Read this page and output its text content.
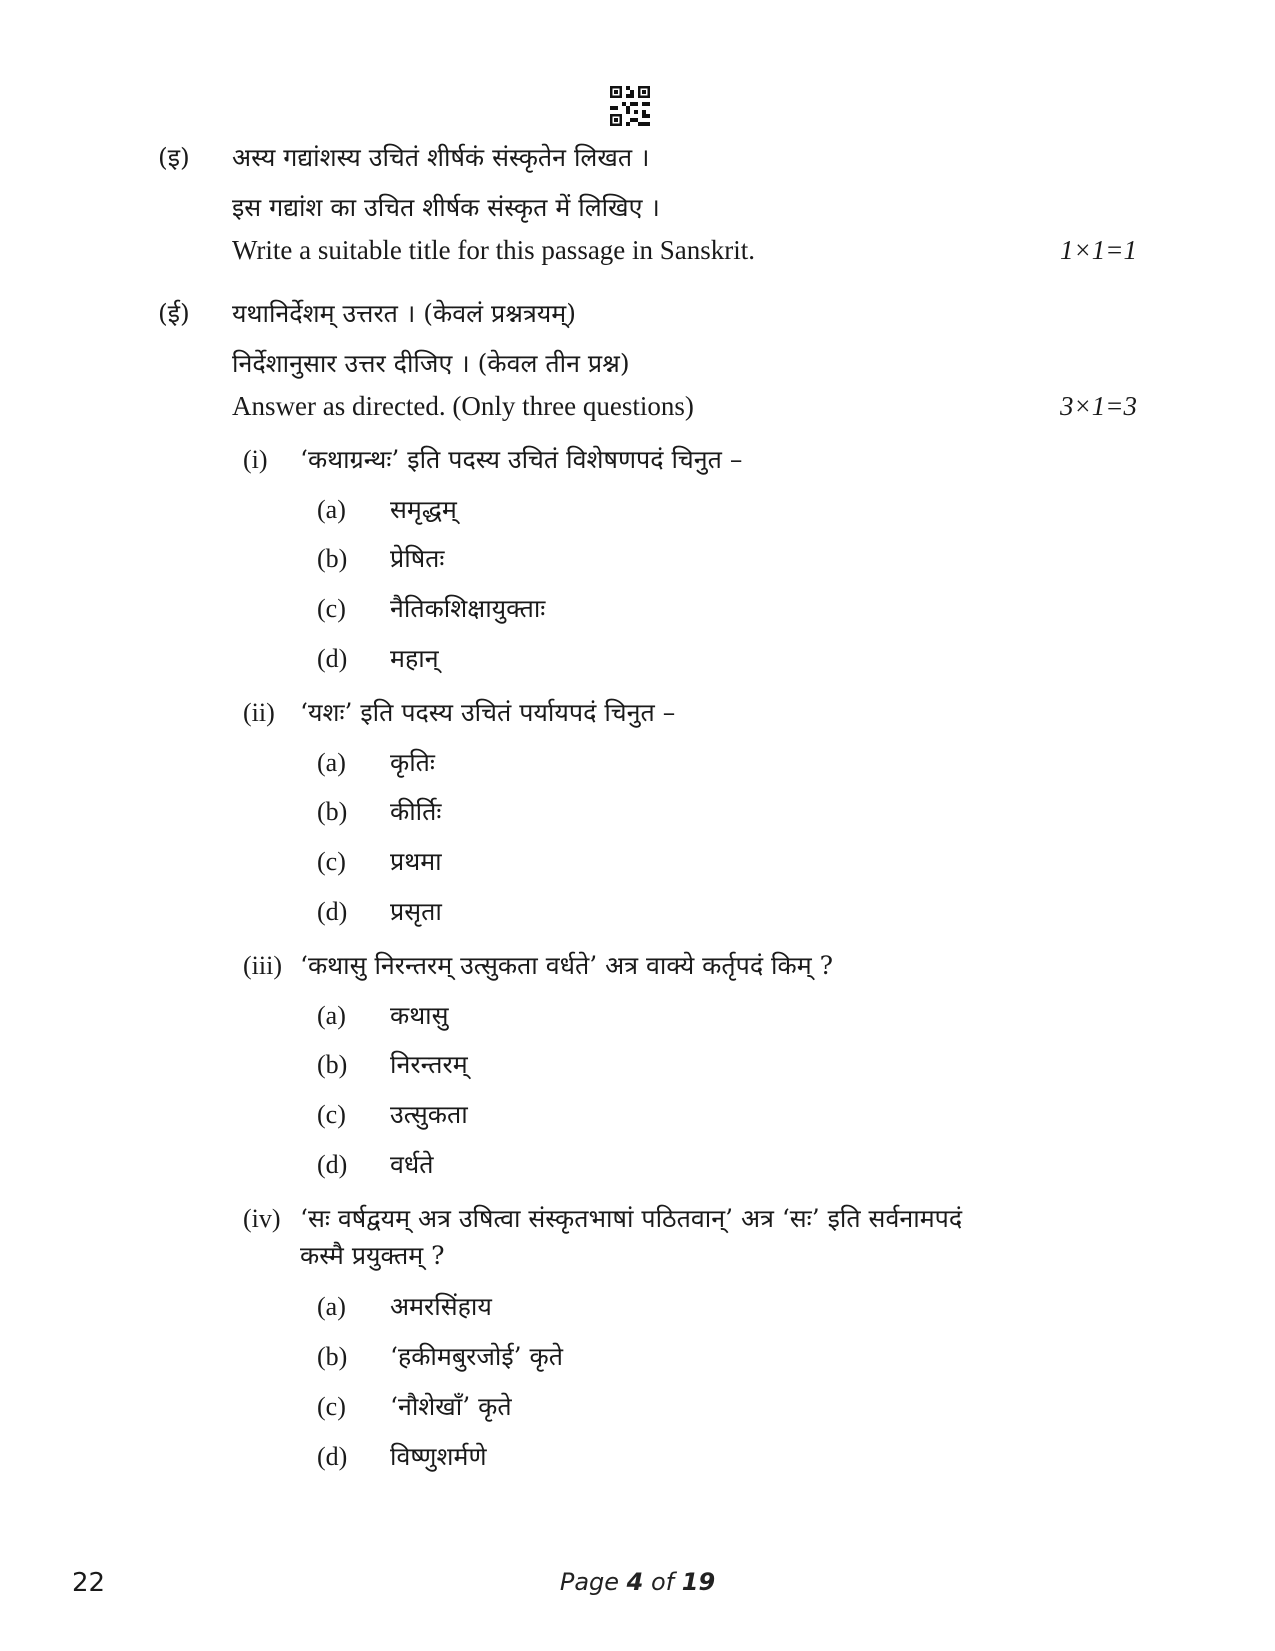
(इ) अस्य गद्यांशस्य उचितं शीर्षकं संस्कृतेन लिखत ।
इस गद्यांश का उचित शीर्षक संस्कृत में लिखिए ।
Write a suitable title for this passage in Sanskrit.	1×1=1
(ई) यथानिर्देशम् उत्तरत । (केवलं प्रश्नत्रयम्)
निर्देशानुसार उत्तर दीजिए । (केवल तीन प्रश्न)
Answer as directed. (Only three questions)	3×1=3
(i) ‘कथाग्रन्थः’ इति पदस्य उचितं विशेषणपदं चिनुत –
(a) समृद्धम्
(b) प्रेषितः
(c) नैतिकशिक्षायुक्ताः
(d) महान्
(ii) ‘यशः’ इति पदस्य उचितं पर्यायपदं चिनुत –
(a) कृतिः
(b) कीर्तिः
(c) प्रथमा
(d) प्रसृता
(iii) ‘कथासु निरन्तरम् उत्सुकता वर्धते’ अत्र वाक्ये कर्तृपदं किम् ?
(a) कथासु
(b) निरन्तरम्
(c) उत्सुकता
(d) वर्धते
(iv) ‘सः वर्षद्वयम् अत्र उषित्वा संस्कृतभाषां पठितवान्’ अत्र ‘सः’ इति सर्वनामपदं
कस्मै प्रयुक्तम् ?
(a) अमरसिंहाय
(b) ‘हकीमबुरजोई’ कृते
(c) ‘नौशेखाँ’ कृते
(d) विष्णुशर्मणे
22	Page 4 of 19
